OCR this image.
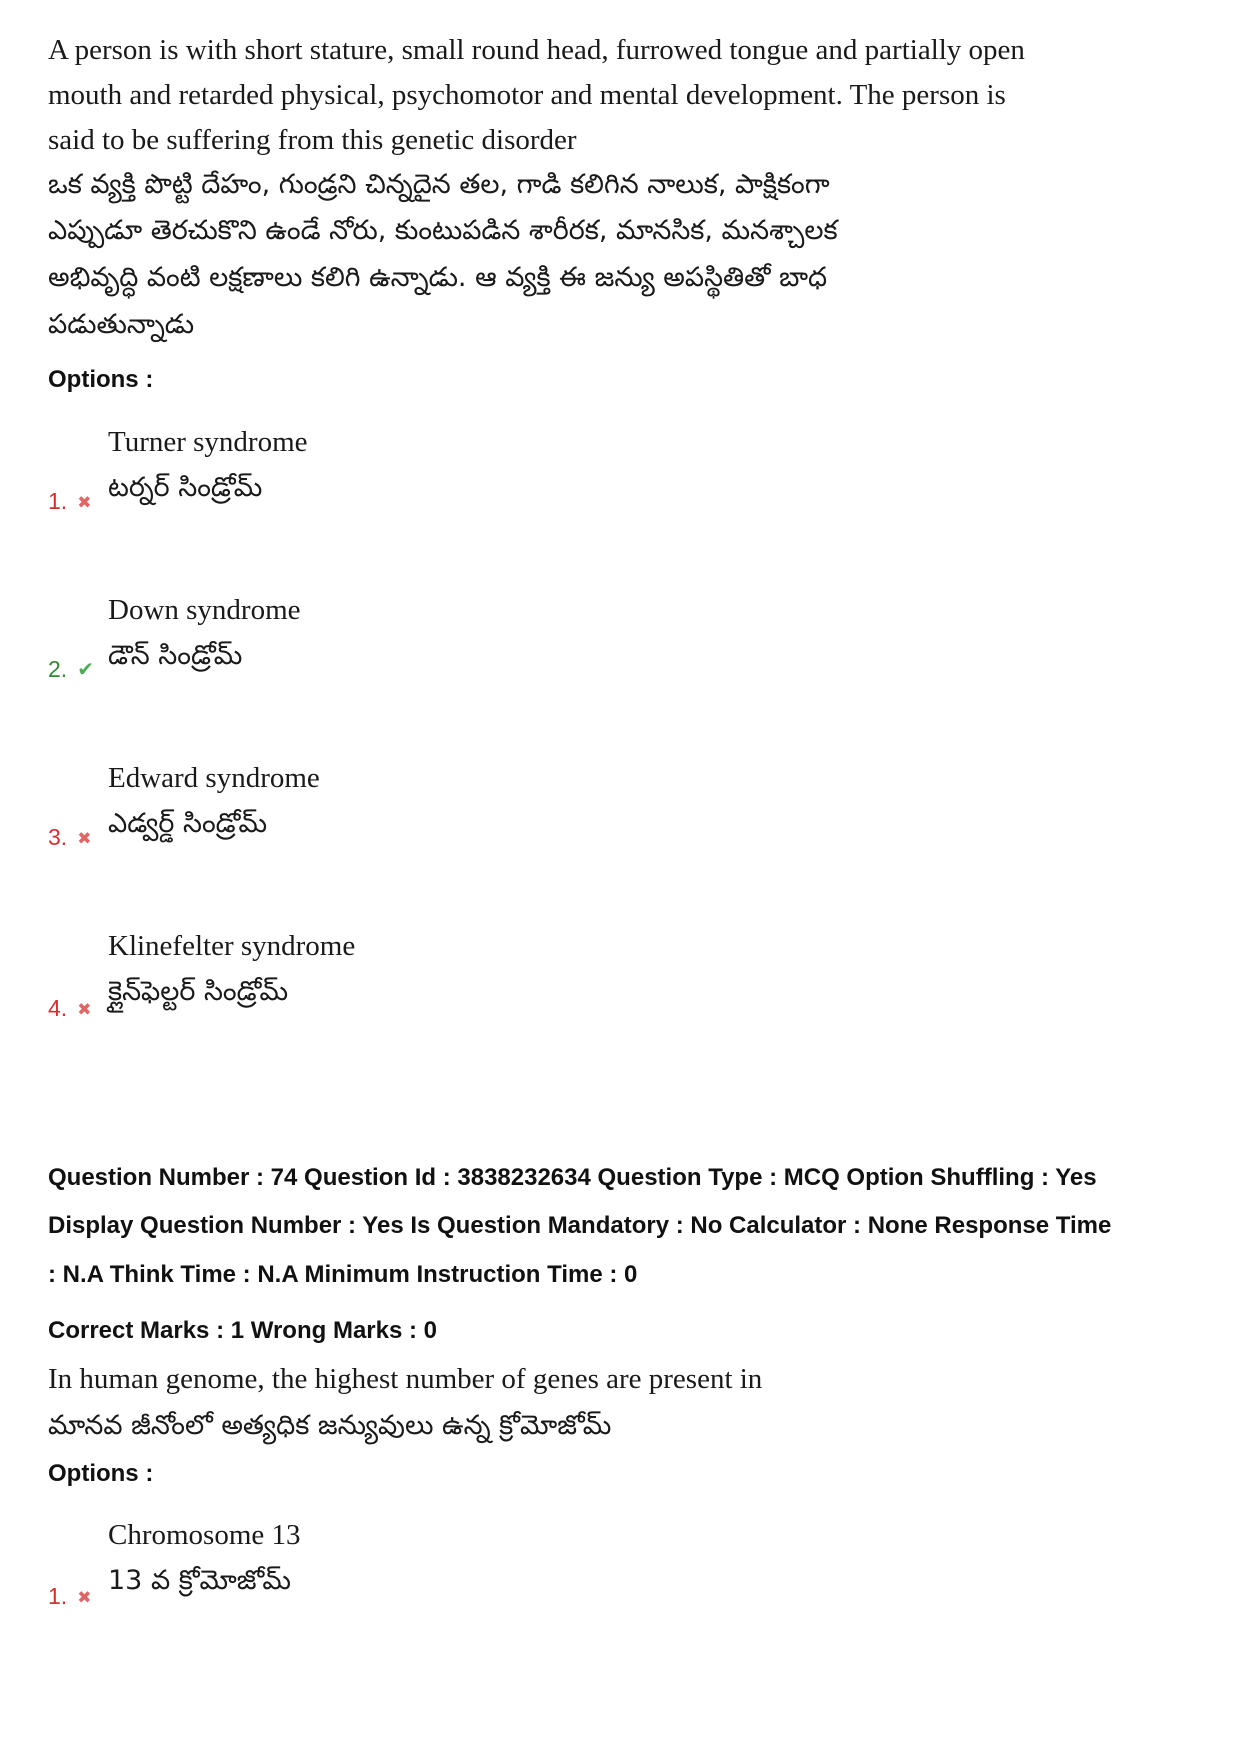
A person is with short stature, small round head, furrowed tongue and partially open
mouth and retarded physical, psychomotor and mental development. The person is
said to be suffering from this genetic disorder
ఒక వ్యక్తి పొట్టి దేహం, గుండ్రని చిన్నదైన తల, గాడి కలిగిన నాలుక, పాక్షికంగా
ఎప్పుడూ తెరచుకొని ఉండే నోరు, కుంటుపడిన శారీరక, మానసిక, మనశ్చాలక
అభివృద్ధి వంటి లక్షణాలు కలిగి ఉన్నాడు. ఆ వ్యక్తి ఈ జన్యు అపస్థితితో బాధ
పడుతున్నాడు
Options :
Turner syndrome
టర్నర్ సిండ్రోమ్
1. ✖
Down syndrome
డౌన్ సిండ్రోమ్
2. ✔
Edward syndrome
ఎడ్వర్డ్ సిండ్రోమ్
3. ✖
Klinefelter syndrome
క్లైన్‌ఫెల్టర్ సిండ్రోమ్
4. ✖
Question Number : 74 Question Id : 3838232634 Question Type : MCQ Option Shuffling : Yes
Display Question Number : Yes Is Question Mandatory : No Calculator : None Response Time
: N.A Think Time : N.A Minimum Instruction Time : 0
Correct Marks : 1 Wrong Marks : 0
In human genome, the highest number of genes are present in
మానవ జీనోంలో అత్యధిక జన్యువులు ఉన్న క్రోమోజోమ్
Options :
Chromosome 13
13 వ క్రోమోజోమ్
1. ✖
